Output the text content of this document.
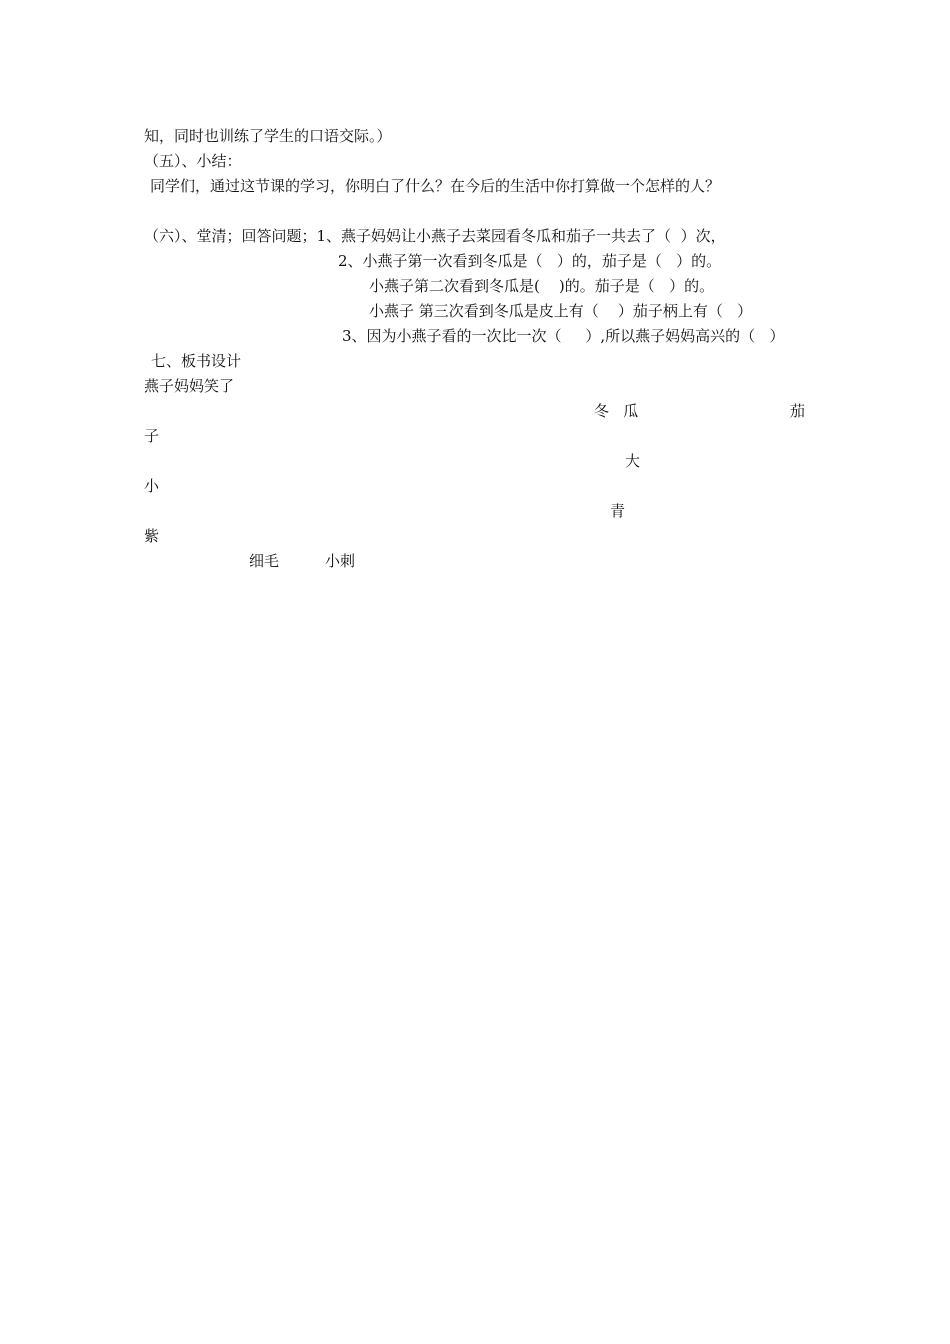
知，同时也训练了学生的口语交际。）
（五）、小结：
同学们，通过这节课的学习，你明白了什么？在今后的生活中你打算做一个怎样的人？
（六）、堂清；回答问题；1、燕子妈妈让小燕子去菜园看冬瓜和茄子一共去了（  ）次，
2、小燕子第一次看到冬瓜是（   ）的，茄子是（   ）的。
小燕子第二次看到冬瓜是(    )的。茄子是（   ）的。
小燕子 第三次看到冬瓜是皮上有（    ）茄子柄上有（   ）
3、因为小燕子看的一次比一次（     ）,所以燕子妈妈高兴的（   ）
七、板书设计
燕子妈妈笑了
冬   瓜	茄
子
大
小
青
紫
细毛	小刺
